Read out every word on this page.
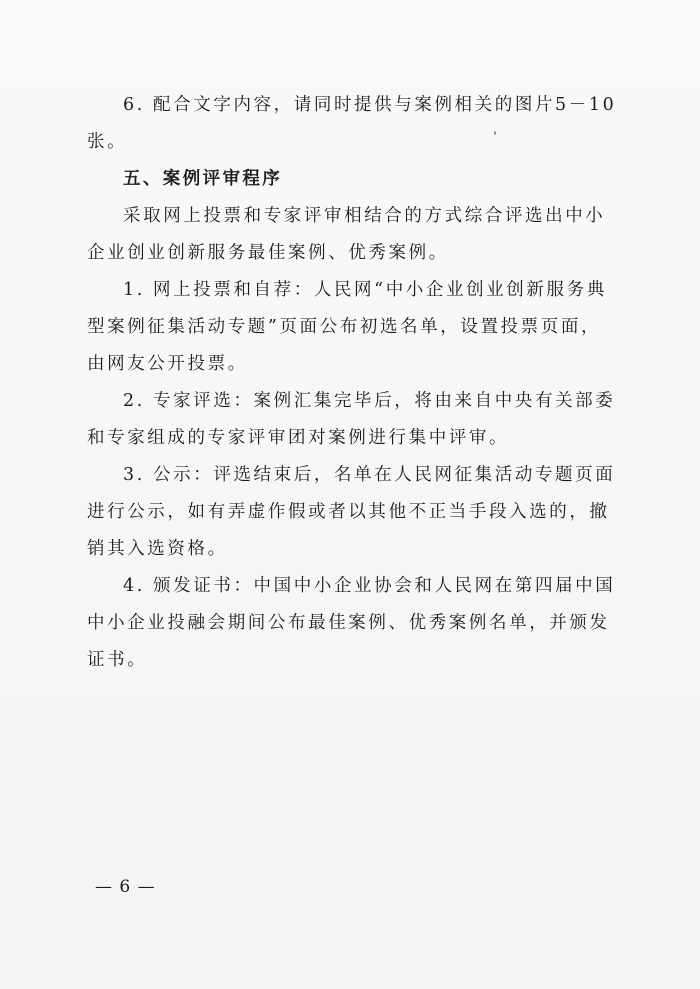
6. 配合文字内容，请同时提供与案例相关的图片5－10张。

五、案例评审程序

采取网上投票和专家评审相结合的方式综合评选出中小企业创业创新服务最佳案例、优秀案例。

1. 网上投票和自荐：人民网“中小企业创业创新服务典型案例征集活动专题”页面公布初选名单，设置投票页面，由网友公开投票。

2. 专家评选：案例汇集完毕后，将由来自中央有关部委和专家组成的专家评审团对案例进行集中评审。

3. 公示：评选结束后，名单在人民网征集活动专题页面进行公示，如有弄虚作假或者以其他不正当手段入选的，撤销其入选资格。

4. 颁发证书：中国中小企业协会和人民网在第四届中国中小企业投融会期间公布最佳案例、优秀案例名单，并颁发证书。

— 6 —
